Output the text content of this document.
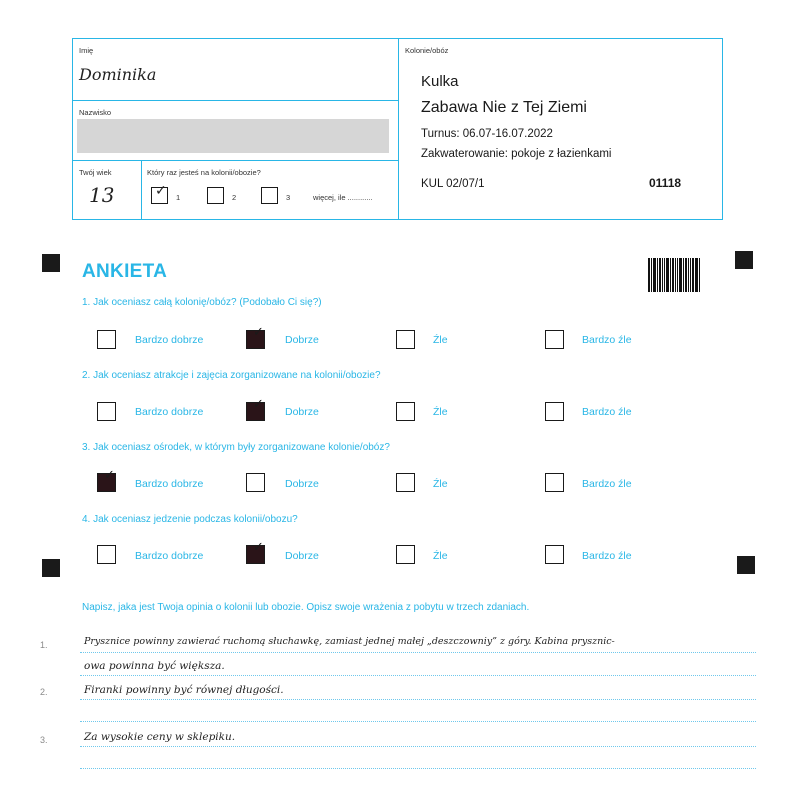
Imię
Dominika
Nazwisko
Twój wiek
13
Który raz jesteś na kolonii/obozie?
✓ 1	2	3	więcej, ile ............
Kolonie/obóz
Kulka
Zabawa Nie z Tej Ziemi
Turnus: 06.07-16.07.2022
Zakwaterowanie: pokoje z łazienkami
KUL 02/07/1	01118
ANKIETA
1. Jak oceniasz całą kolonię/obóz? (Podobało Ci się?)
Bardzo dobrze	✓ Dobrze	Źle	Bardzo źle
2. Jak oceniasz atrakcje i zajęcia zorganizowane na kolonii/obozie?
Bardzo dobrze	✓ Dobrze	Źle	Bardzo źle
3. Jak oceniasz ośrodek, w którym były zorganizowane kolonie/obóz?
✓
Bardzo dobrze	Dobrze	Źle	Bardzo źle
4. Jak oceniasz jedzenie podczas kolonii/obozu?
Bardzo dobrze
✓
Dobrze	Źle	Bardzo źle
Napisz, jaka jest Twoja opinia o kolonii lub obozie. Opisz swoje wrażenia z pobytu w trzech zdaniach.
1.
2.
3.
Prysznice powinny zawierać ruchomą słuchawkę, zamiast jednej małej „deszczowniy” z góry. Kabina prysznic-
owa powinna być większa.
Firanki powinny być równej długości.
Za wysokie ceny w sklepiku.
